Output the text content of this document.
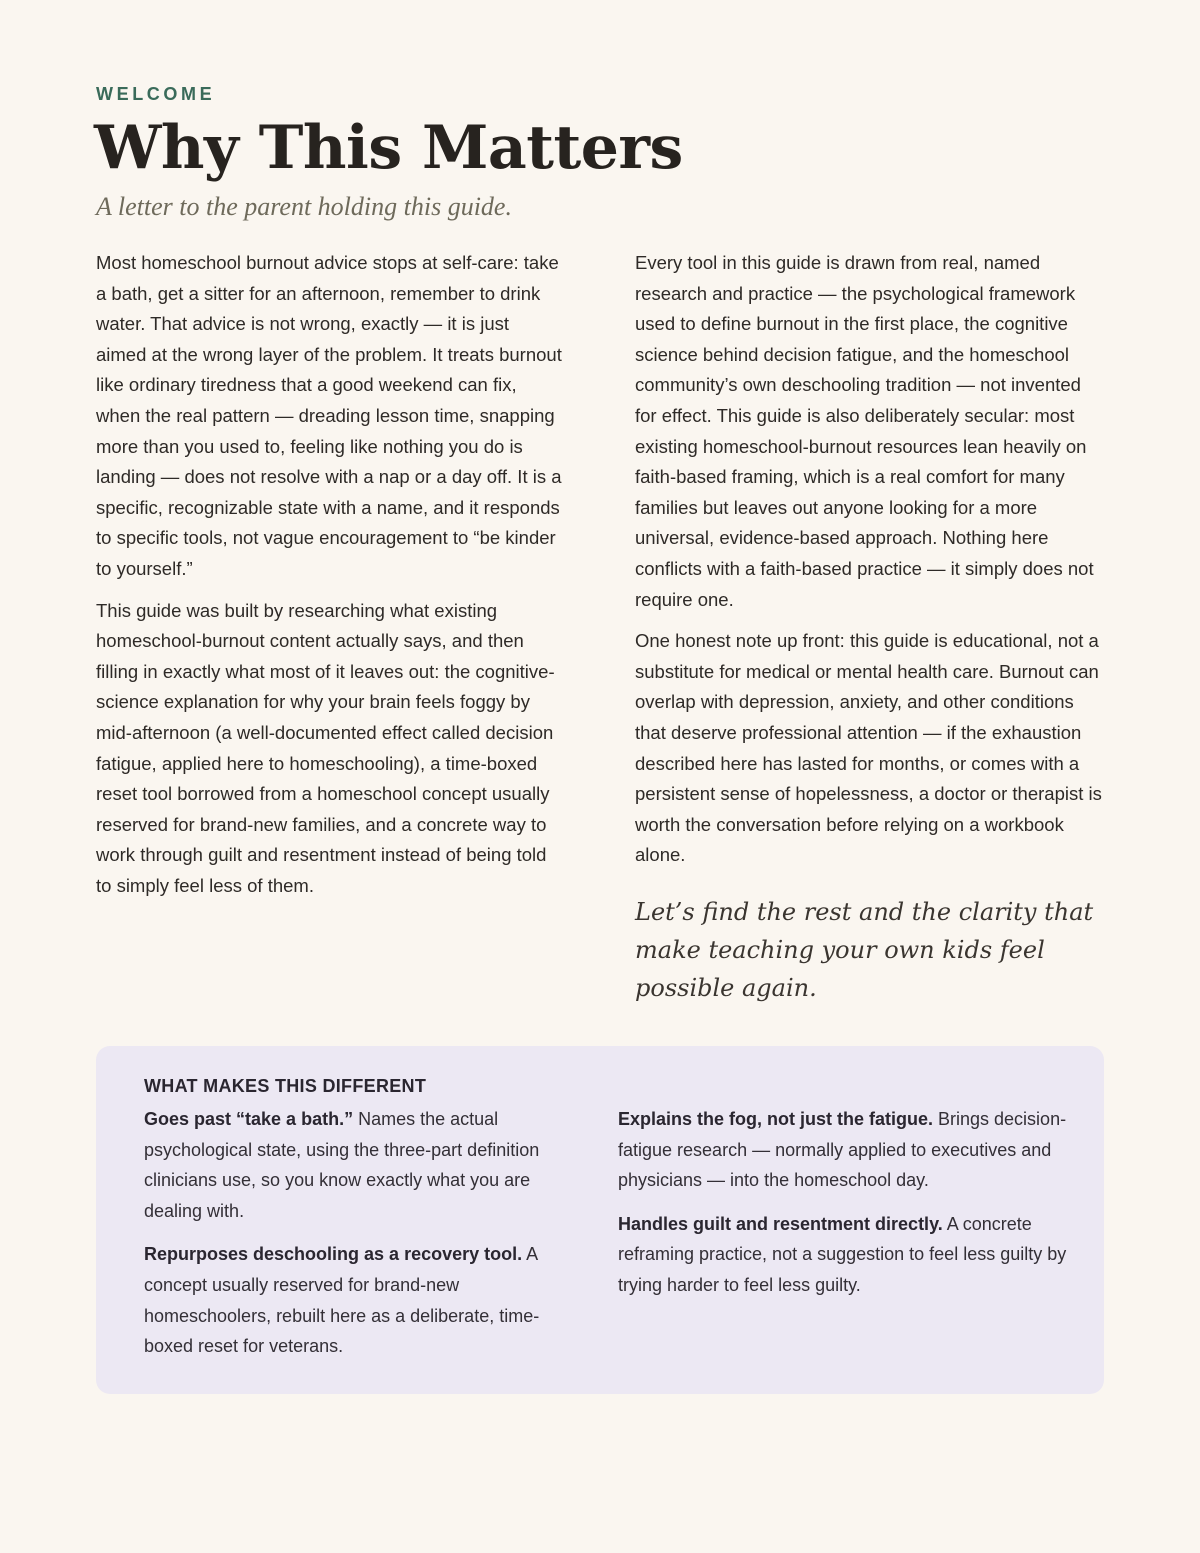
WELCOME

Why This Matters

A letter to the parent holding this guide.

Most homeschool burnout advice stops at self-care: take a bath, get a sitter for an afternoon, remember to drink water. That advice is not wrong, exactly — it is just aimed at the wrong layer of the problem. It treats burnout like ordinary tiredness that a good weekend can fix, when the real pattern — dreading lesson time, snapping more than you used to, feeling like nothing you do is landing — does not resolve with a nap or a day off. It is a specific, recognizable state with a name, and it responds to specific tools, not vague encouragement to “be kinder to yourself.”

This guide was built by researching what existing homeschool-burnout content actually says, and then filling in exactly what most of it leaves out: the cognitive-science explanation for why your brain feels foggy by mid-afternoon (a well-documented effect called decision fatigue, applied here to homeschooling), a time-boxed reset tool borrowed from a homeschool concept usually reserved for brand-new families, and a concrete way to work through guilt and resentment instead of being told to simply feel less of them.

Every tool in this guide is drawn from real, named research and practice — the psychological framework used to define burnout in the first place, the cognitive science behind decision fatigue, and the homeschool community’s own deschooling tradition — not invented for effect. This guide is also deliberately secular: most existing homeschool-burnout resources lean heavily on faith-based framing, which is a real comfort for many families but leaves out anyone looking for a more universal, evidence-based approach. Nothing here conflicts with a faith-based practice — it simply does not require one.

One honest note up front: this guide is educational, not a substitute for medical or mental health care. Burnout can overlap with depression, anxiety, and other conditions that deserve professional attention — if the exhaustion described here has lasted for months, or comes with a persistent sense of hopelessness, a doctor or therapist is worth the conversation before relying on a workbook alone.

Let’s find the rest and the clarity that make teaching your own kids feel possible again.

WHAT MAKES THIS DIFFERENT

Goes past “take a bath.” Names the actual psychological state, using the three-part definition clinicians use, so you know exactly what you are dealing with.

Repurposes deschooling as a recovery tool. A concept usually reserved for brand-new homeschoolers, rebuilt here as a deliberate, time-boxed reset for veterans.

Explains the fog, not just the fatigue. Brings decision-fatigue research — normally applied to executives and physicians — into the homeschool day.

Handles guilt and resentment directly. A concrete reframing practice, not a suggestion to feel less guilty by trying harder to feel less guilty.
